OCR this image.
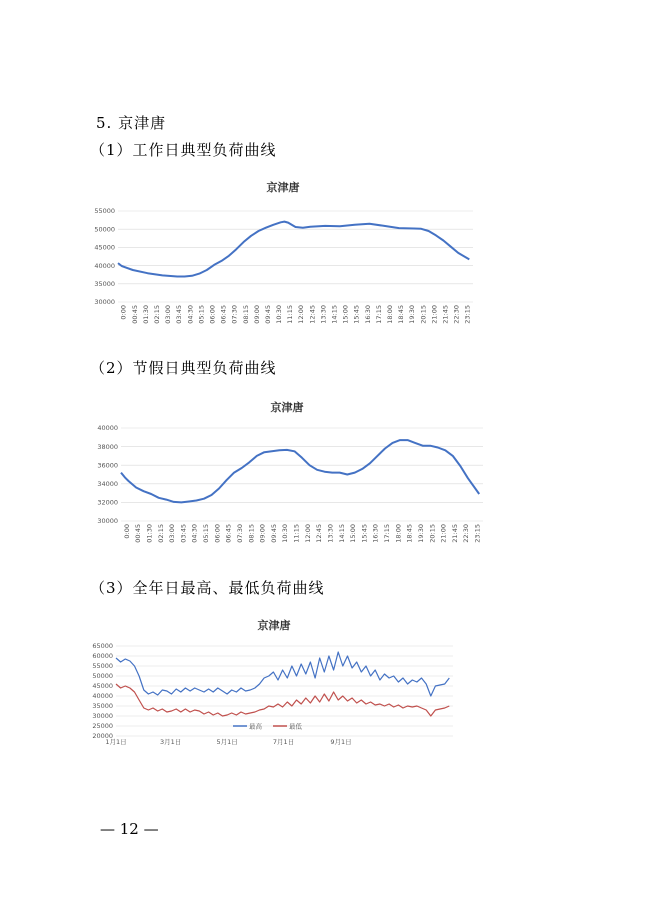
5. 京津唐
（1）工作日典型负荷曲线
京津唐
55000
50000
45000
40000
35000
30000
0:00 00:45 01:30 02:15 03:00 03:45 04:30 05:15 06:00 06:45 07:30 08:15 09:00 09:45 10:30 11:15 12:00 12:45 13:30 14:15 15:00 15:45 16:30 17:15 18:00 18:45 19:30 20:15 21:00 21:45 22:30 23:15
（2）节假日典型负荷曲线
京津唐
40000
38000
36000
34000
32000
30000
0:00 00:45 01:30 02:15 03:00 03:45 04:30 05:15 06:00 06:45 07:30 08:15 09:00 09:45 10:30 11:15 12:00 12:45 13:30 14:15 15:00 15:45 16:30 17:15 18:00 18:45 19:30 20:15 21:00 21:45 22:30 23:15
（3）全年日最高、最低负荷曲线
京津唐
65000
60000
55000
50000
45000
40000
35000
30000
25000
20000
1月1日	3月1日	5月1日	7月1日	9月1日
最高	最低
— 12 —
